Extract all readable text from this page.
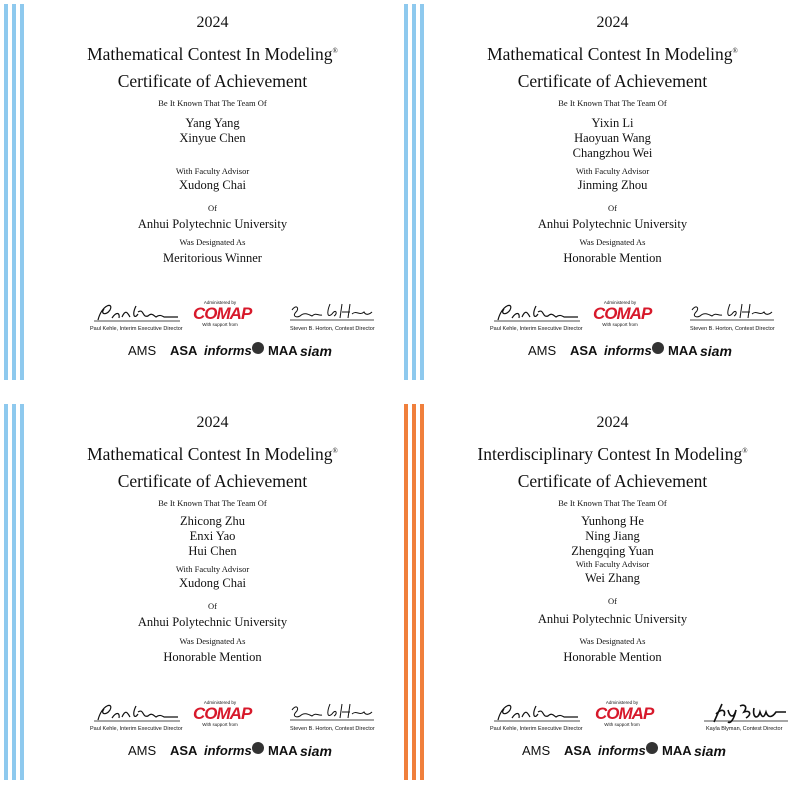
2024
Mathematical Contest In Modeling®
Certificate of Achievement
Be It Known That The Team Of
Yang Yang
Xinyue Chen
With Faculty Advisor
Xudong Chai
Of
Anhui Polytechnic University
Was Designated As
Meritorious Winner
Paul Kehle, Interim Executive Director
Administered by
COMAP
With support from
Steven B. Horton, Contest Director
AMS ASA informs MAA siam
2024
Mathematical Contest In Modeling®
Certificate of Achievement
Be It Known That The Team Of
Yixin Li
Haoyuan Wang
Changzhou Wei
With Faculty Advisor
Jinming Zhou
Of
Anhui Polytechnic University
Was Designated As
Honorable Mention
Paul Kehle, Interim Executive Director
Administered by
COMAP
With support from
Steven B. Horton, Contest Director
AMS ASA informs MAA siam
2024
Mathematical Contest In Modeling®
Certificate of Achievement
Be It Known That The Team Of
Zhicong Zhu
Enxi Yao
Hui Chen
With Faculty Advisor
Xudong Chai
Of
Anhui Polytechnic University
Was Designated As
Honorable Mention
Paul Kehle, Interim Executive Director
Administered by
COMAP
With support from
Steven B. Horton, Contest Director
AMS ASA informs MAA siam
2024
Interdisciplinary Contest In Modeling®
Certificate of Achievement
Be It Known That The Team Of
Yunhong He
Ning Jiang
Zhengqing Yuan
With Faculty Advisor
Wei Zhang
Of
Anhui Polytechnic University
Was Designated As
Honorable Mention
Paul Kehle, Interim Executive Director
Administered by
COMAP
With support from
Kayla Blyman, Contest Director
AMS ASA informs MAA siam
